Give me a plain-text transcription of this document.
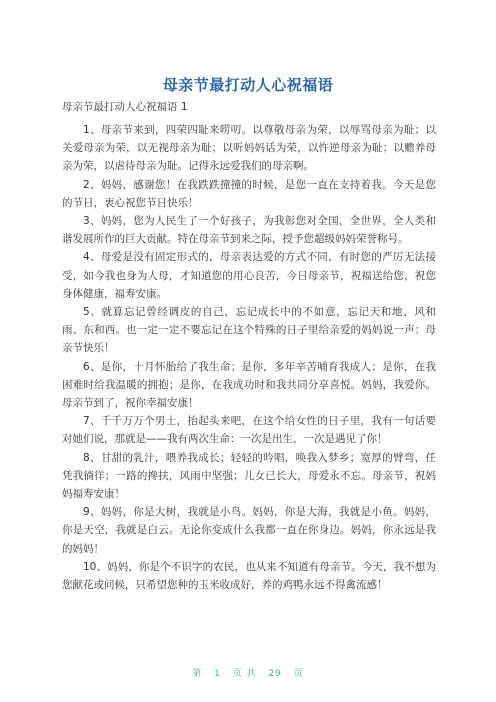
母亲节最打动人心祝福语
母亲节最打动人心祝福语 1

1、母亲节来到，四荣四耻来唠叨。以尊敬母亲为荣，以辱骂母亲为耻；以关爱母亲为荣，以无视母亲为耻；以听妈妈话为荣，以忤逆母亲为耻；以赡养母亲为荣，以虐待母亲为耻。记得永远爱我们的母亲啊。

2、妈妈，感谢您！在我跌跌撞撞的时候，是您一直在支持着我。今天是您的节日，衷心祝您节日快乐！

3、妈妈，您为人民生了一个好孩子，为我彰您对全国，全世界，全人类和谐发展所作的巨大贡献。特在母亲节到来之际，授予您超级妈妈荣誉称号。

4、母爱是没有固定形式的，母亲表达爱的方式不同，有时您的严厉无法接受，如今我也身为人母，才知道您的用心良苦，今日母亲节，祝福送给您，祝您身体健康，福寿安康。

5、就算忘记曾经调皮的自己，忘记成长中的不如意，忘记天和地、风和雨、东和西。也一定一定不要忘记在这个特殊的日子里给亲爱的妈妈说一声：母亲节快乐！

6、是你，十月怀胎给了我生命；是你，多年辛苦哺育我成人；是你，在我困难时给我温暖的拥抱；是你，在我成功时和我共同分享喜悦。妈妈，我爱你。母亲节到了，祝你幸福安康！

7、千千万万个男士，抬起头来吧，在这个给女性的日子里，我有一句话要对她们说，那就是——我有两次生命：一次是出生，一次是遇见了你！

8、甘甜的乳汁，喂养我成长；轻轻的吟唱，唤我入梦乡；宽厚的臂弯，任凭我徜徉；一路的搀扶，风雨中坚强；儿女已长大，母爱永不忘。母亲节，祝妈妈福寿安康！

9、妈妈，你是大树，我就是小鸟。妈妈，你是大海，我就是小鱼。妈妈，你是天空，我就是白云。无论你变成什么我都一直在你身边。妈妈，你永远是我的妈妈！

10、妈妈，你是个不识字的农民，也从来不知道有母亲节。今天，我不想为您献花或问候，只希望您种的玉米收成好，养的鸡鸭永远不得禽流感！

第 1 页 共 29 页
